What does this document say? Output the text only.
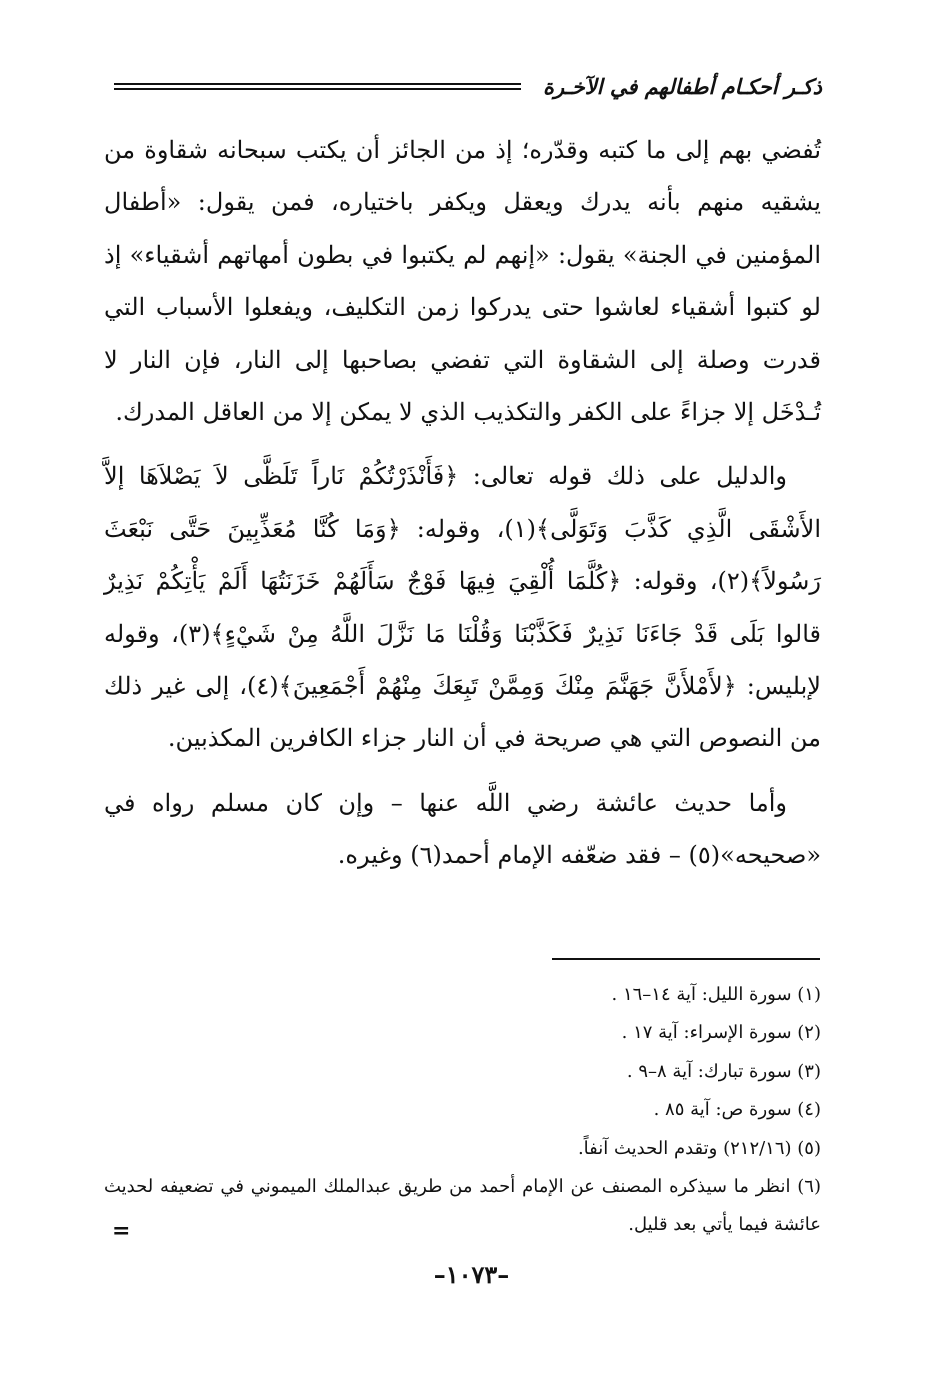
ذكـر أحكـام أطفالهم في الآخـرة

تُفضي بهم إلى ما كتبه وقدّره؛ إذ من الجائز أن يكتب سبحانه شقاوة من يشقيه منهم بأنه يدرك ويعقل ويكفر باختياره، فمن يقول: «أطفال المؤمنين في الجنة» يقول: «إنهم لم يكتبوا في بطون أمهاتهم أشقياء» إذ لو كتبوا أشقياء لعاشوا حتى يدركوا زمن التكليف، ويفعلوا الأسباب التي قدرت وصلة إلى الشقاوة التي تفضي بصاحبها إلى النار، فإن النار لا تُـدْخَل إلا جزاءً على الكفر والتكذيب الذي لا يمكن إلا من العاقل المدرك.

والدليل على ذلك قوله تعالى: ﴿فَأَنْذَرْتُكُمْ نَاراً تَلَظَّى لاَ يَصْلاَهَا إلاَّ الأَشْقَى الَّذِي كَذَّبَ وَتَوَلَّى﴾(١)، وقوله: ﴿وَمَا كُنَّا مُعَذِّبِينَ حَتَّى نَبْعَثَ رَسُولاً﴾(٢)، وقوله: ﴿كُلَّمَا أُلْقِيَ فِيهَا فَوْجٌ سَأَلَهُمْ خَزَنَتُهَا أَلَمْ يَأْتِكُمْ نَذِيرٌ قالوا بَلَى قَدْ جَاءَنَا نَذِيرٌ فَكَذَّبْنَا وَقُلْنَا مَا نَزَّلَ اللَّهُ مِنْ شَيْءٍ﴾(٣)، وقوله لإبليس: ﴿لأَمْلأَنَّ جَهَنَّمَ مِنْكَ وَمِمَّنْ تَبِعَكَ مِنْهُمْ أَجْمَعِينَ﴾(٤)، إلى غير ذلك من النصوص التي هي صريحة في أن النار جزاء الكافرين المكذبين.

وأما حديث عائشة رضي اللَّه عنها – وإن كان مسلم رواه في «صحيحه»(٥) – فقد ضعّفه الإمام أحمد(٦) وغيره.

(١) سورة الليل: آية ١٤–١٦ .

(٢) سورة الإسراء: آية ١٧ .

(٣) سورة تبارك: آية ٨–٩ .

(٤) سورة ص: آية ٨٥ .

(٥) (٢١٢/١٦) وتقدم الحديث آنفاً.

(٦) انظر ما سيذكره المصنف عن الإمام أحمد من طريق عبدالملك الميموني في تضعيفه لحديث عائشة فيما يأتي بعد قليل.

=
–١٠٧٣–
